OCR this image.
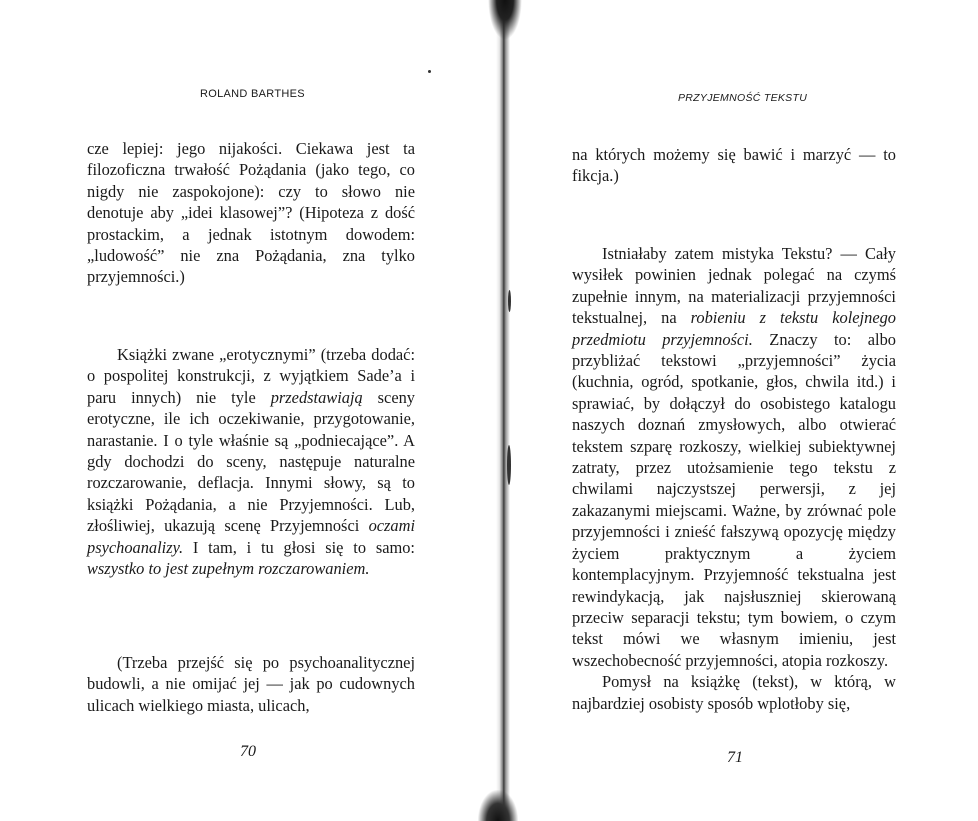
ROLAND BARTHES

cze lepiej: jego nijakości. Ciekawa jest ta filozoficzna trwałość Pożądania (jako tego, co nigdy nie zaspokojone): czy to słowo nie denotuje aby „idei klasowej”? (Hipoteza z dość prostackim, a jednak istotnym dowodem: „ludowość” nie zna Pożądania, zna tylko przyjemności.)

Książki zwane „erotycznymi” (trzeba dodać: o pospolitej konstrukcji, z wyjątkiem Sade’a i paru innych) nie tyle przedstawiają sceny erotyczne, ile ich oczekiwanie, przygotowanie, narastanie. I o tyle właśnie są „podniecające”. A gdy dochodzi do sceny, następuje naturalne rozczarowanie, deflacja. Innymi słowy, są to książki Pożądania, a nie Przyjemności. Lub, złośliwiej, ukazują scenę Przyjemności oczami psychoanalizy. I tam, i tu głosi się to samo: wszystko to jest zupełnym rozczarowaniem.

(Trzeba przejść się po psychoanalitycznej budowli, a nie omijać jej — jak po cudownych ulicach wielkiego miasta, ulicach,

70
PRZYJEMNOŚĆ TEKSTU

na których możemy się bawić i marzyć — to fikcja.)

Istniałaby zatem mistyka Tekstu? — Cały wysiłek powinien jednak polegać na czymś zupełnie innym, na materializacji przyjemności tekstualnej, na robieniu z tekstu kolejnego przedmiotu przyjemności. Znaczy to: albo przybliżać tekstowi „przyjemności” życia (kuchnia, ogród, spotkanie, głos, chwila itd.) i sprawiać, by dołączył do osobistego katalogu naszych doznań zmysłowych, albo otwierać tekstem szparę rozkoszy, wielkiej subiektywnej zatraty, przez utożsamienie tego tekstu z chwilami najczystszej perwersji, z jej zakazanymi miejscami. Ważne, by zrównać pole przyjemności i znieść fałszywą opozycję między życiem praktycznym a życiem kontemplacyjnym. Przyjemność tekstualna jest rewindykacją, jak najsłuszniej skierowaną przeciw separacji tekstu; tym bowiem, o czym tekst mówi we własnym imieniu, jest wszechobecność przyjemności, atopia rozkoszy.

Pomysł na książkę (tekst), w którą, w najbardziej osobisty sposób wplotłoby się,

71
